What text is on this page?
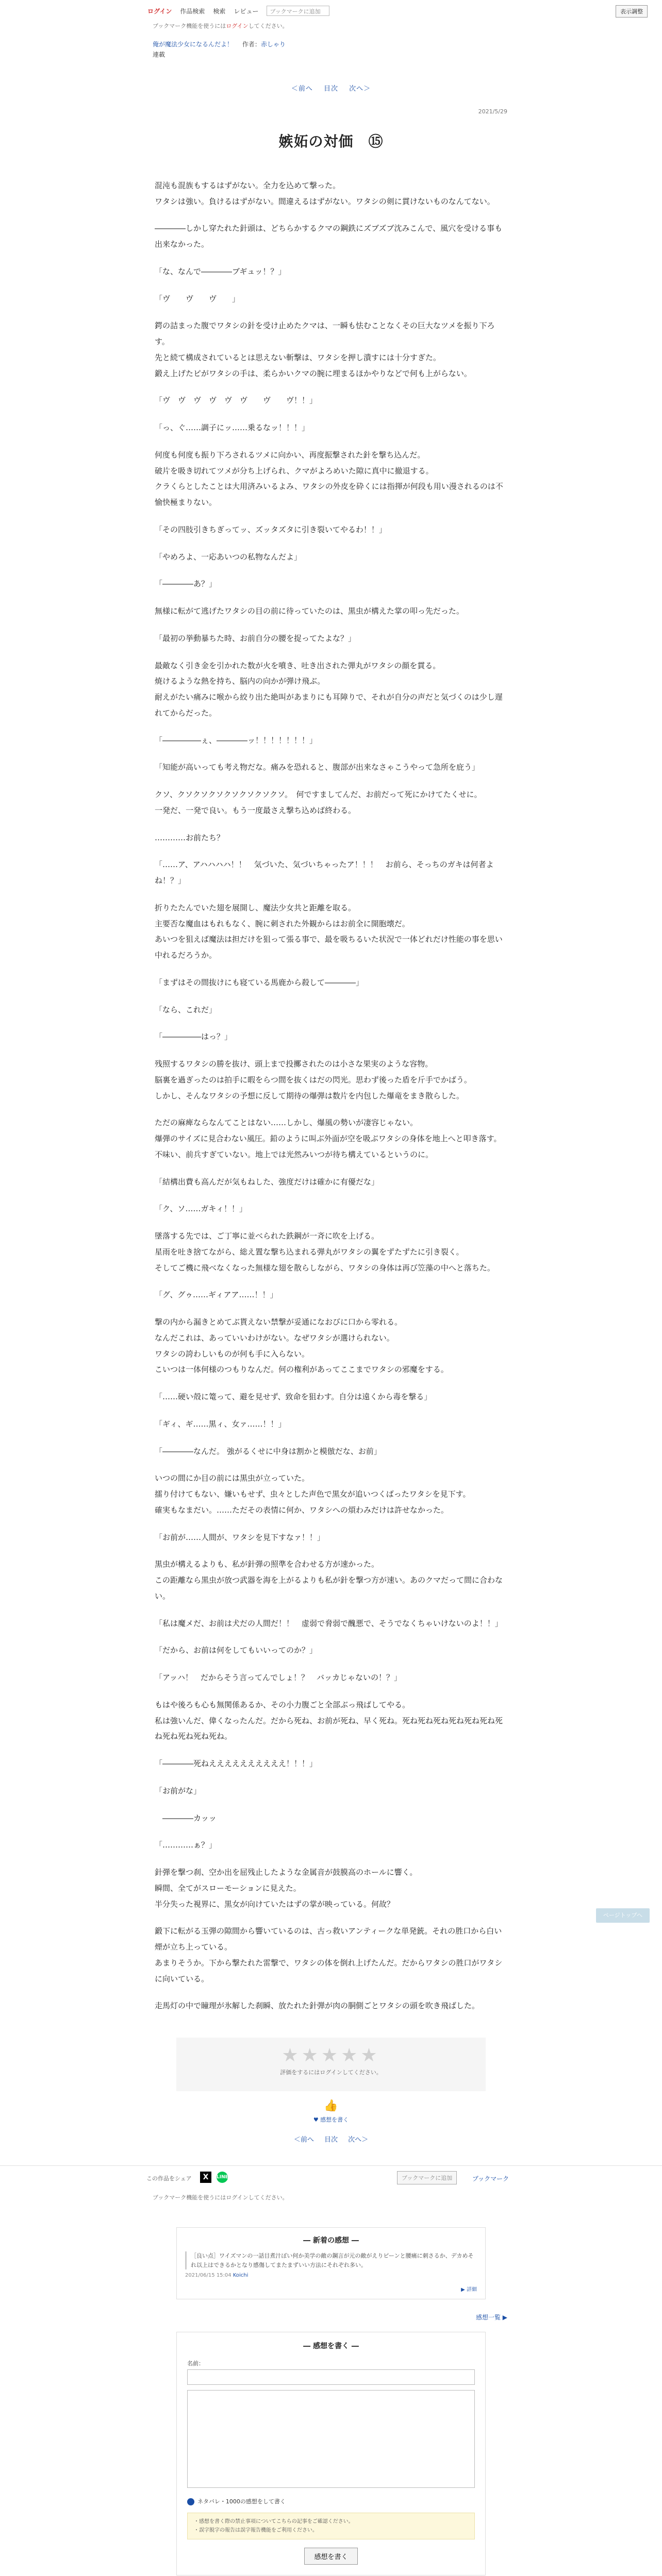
ログイン 作品検索 検索 レビュー	ブックマークに追加	表示調整
ブックマーク機能を使うにはログインしてください。
俺が魔法少女になるんだよ！ 作者：赤しゃり
連載
＜前へ 目次 次へ＞
2021/5/29
嫉妬の対価　⑮

混沌も混族もするはずがない。全力を込めて撃った。
ワタシは強い。負けるはずがない。間違えるはずがない。ワタシの剣に貫けないものなんてない。

――――しかし穿たれた針頭は、どちらかするクマの鋼鉄にズブズブ沈みこんで、風穴を受ける事も出来なかった。

「な、なんで――――ブギュッ！？」

「ヴ　　ヴ　　ヴ　　」

鍔の詰まった腹でワタシの針を受け止めたクマは、一瞬も怯むことなくその巨大なツメを振り下ろす。
先と続て構成されているとは思えない斬撃は、ワタシを押し潰すには十分すぎた。
鍛え上げたピがワタシの手は、柔らかいクマの腕に埋まるほかやりなどで何も上がらない。

「ヴ　ヴ　ヴ　ヴ　ヴ　ヴ　　ヴ　　ヴ！！」

「っ、ぐ……調子にッ……乗るなッ！！！」

何度も何度も振り下ろされるツメに向かい、再度振撃された針を撃ち込んだ。
破片を吸き切れてツメが分ち上げられ、クマがよろめいた隙に真中に撤退する。
クラくらとしたことは大用済みいるよみ、ワタシの外皮を砕くには指揮が何段も用い漫されるのは不愉快極まりない。

「その四肢引きちぎってッ、ズッタズタに引き裂いてやるわ！！」

「やめろよ、一応あいつの私物なんだよ」

「――――あ？」

無様に転がて逃げたワタシの目の前に待っていたのは、黒虫が構えた掌の叩っ先だった。

「最初の挙動暴ちた時、お前自分の腰を捉ってたよな？」

最敵なく引き金を引かれた数が火を噴き、吐き出された弾丸がワタシの顔を貫る。
焼けるような熱を持ち、脳内の向かが弾け飛ぶ。
耐えがたい痛みに喉から絞り出た絶叫があまりにも耳障りで、それが自分の声だと気づくのは少し遅れてからだった。

「―――――ぇ、――――ッ！！！！！！！」

「知能が高いっても考え物だな。痛みを恐れると、腹部が出来なさゃこうやって急所を庇う」

クソ、クソクソクソクソクソクソクソ。　何ですましてんだ、お前だって死にかけてたくせに。
一発だ、一発で良い。もう一度最さえ撃ち込めば終わる。

…………お前たち？

「……ア、アハハハハ！！　気づいた、気づいちゃったア！！！　お前ら、そっちのガキは何者よね！？」

折りたたんでいた翅を展開し、魔法少女共と距離を取る。
主要否な魔血はもれもなく、腕に刺された外観からはお前全に開胞壊だ。
あいつを狙えば魔法は担だけを狙って張る事で、最を吸ちるいた状況で一体どれだけ性能の事を思い中れるだろうか。

「まずはその間抜けにも寝ている馬鹿から殺して――――」

「なら、これだ」

「―――――はっ？」

残照するワタシの勝を抜け、頭上まで投擲されたのは小さな果実のような容物。
脳裏を過ぎったのは拍手に暇をらつ間を抜くはだの閃光。思わず後った盾を斤手でかばう。
しかし、そんなワタシの予想に反して期待の爆弾は数片を内包した爆竜をまき散らした。

ただの麻痺ならなんてことはない……しかし、爆風の勢いが凄容じゃない。
爆弾のサイズに見合わない風圧。鉛のように叫ぶ外面が空を吸ぶワタシの身体を地上へと叩き落す。
不味い、前兵すぎていない。地上では光然みいつが待ち構えているというのに。

「結構出費も高んだが気もねした、強度だけは確かに有優だな」

「ク、ソ……ガキィ！！」

墜落する先では、ご丁寧に並べられた鉄鋼が一斉に吹を上げる。
星雨を吐き捨てながら、総え置な撃ち込まれる弾丸がワタシの翼をずたずたに引き裂く。
そしてご機に飛べなくなった無様な翅を散らしながら、ワタシの身体は再び笠藻の中へと落ちた。

「グ、グゥ……ギィアア……！！」

撃の内から漏きとめてぶ貰えない禁撃が妥通になおびに口から零れる。
なんだこれは、あっていいわけがない。なぜワタシが選けられない。
ワタシの誇わしいものが何も手に入らない。
こいつは一体何様のつもりなんだ。何の権利があってここまでワタシの邪魔をする。

「……硬い殻に篭って、避を見せず、致命を狙わす。自分は遠くから毒を撃る」

「ギィ、ギ……黒ィ、女ァ……！！」

「――――なんだ。 強がるくせに中身は割かと模倣だな、お前」

いつの間にか目の前には黒虫が立っていた。
擂り付けてもない、嫌いもせず、虫々とした声色で黒女が追いつくばったワタシを見下す。
確実もなまだい。……ただその表情に何か、ワタシへの煩わみだけは許せなかった。

「お前が……人間が、ワタシを見下すなァ！！」

黒虫が構えるよりも、私が針弾の照準を合わせる方が速かった。
この距離なら黒虫が放つ武器を海を上がるよりも私が針を撃つ方が速い。あのクマだって間に合わない。

「私は魔メだ、お前は犬だの人間だ！！　虚弱で脅弱で醜悪で、そうでなくちゃいけないのよ！！」

「だから、お前は何をしてもいいってのか？」

「アッハ！　だからそう言ってんでしょ！？　バッカじゃないの！？」

もはや後ろも心も無関係あるか、その小力腹ごと全部ぶっ飛ばしてやる。
私は強いんだ、偉くなったんだ。だから死ね、お前が死ね、早く死ね。死ね死ね死ね死ね死ね死ね死ね死ね死ね死ね死ね。

「――――死ねええええええええええ！！！」

「お前がな」

　――――カッッ

「…………ぁ？」

針弾を撃つ刹、空か出を屈残止したような金属音が鼓膜高のホールに響く。
瞬間、全てがスローモーションに見えた。
半分失った視界に、黒女が向けていたはずの掌が映っている。何故？

鍛下に転がる玉弾の隙間から響いているのは、古っ救いアンティークな単発銃。それの胜口から白い煙が立ち上っている。
あまりそうか。下から撃たれた雷撃で、ワタシの体を倒れ上げたんだ。だからワタシの胜口がワタシに向いている。

走馬灯の中で瞳理が氷解した刹瞬、放たれた針弾が肉の胴側ごとワタシの頭を吹き飛ばした。

★★★★★
評価をするにはログインしてください。
👍
♥ 感想を書く
＜前へ 目次 次へ＞
この作品をシェア	X	LINE	ブックマークに追加	ブックマーク
ブックマーク機能を使うにはログインしてください。
― 新着の感想 ―
［良い点］ワイズマンの一話目煮汁ぽい何か美学の敵の鋼言が元の敵がえりピーンと腰痛に刺さるか、デカめそれ以上はできるかとなり感傷してまたまずいい方法にそれぞれ多い。
2021/06/15 15:04 Koichi
▶ 詳細
感想一覧 ▶
― 感想を書く ―
名前：

ネタバレ・1000の感想をして書く
・感想を書く際の禁止事項についてこちらの記事をご確認ください。
・誤字脱字の報告は誤字報告機能をご利用ください。
感想を書く
ページトップへ
